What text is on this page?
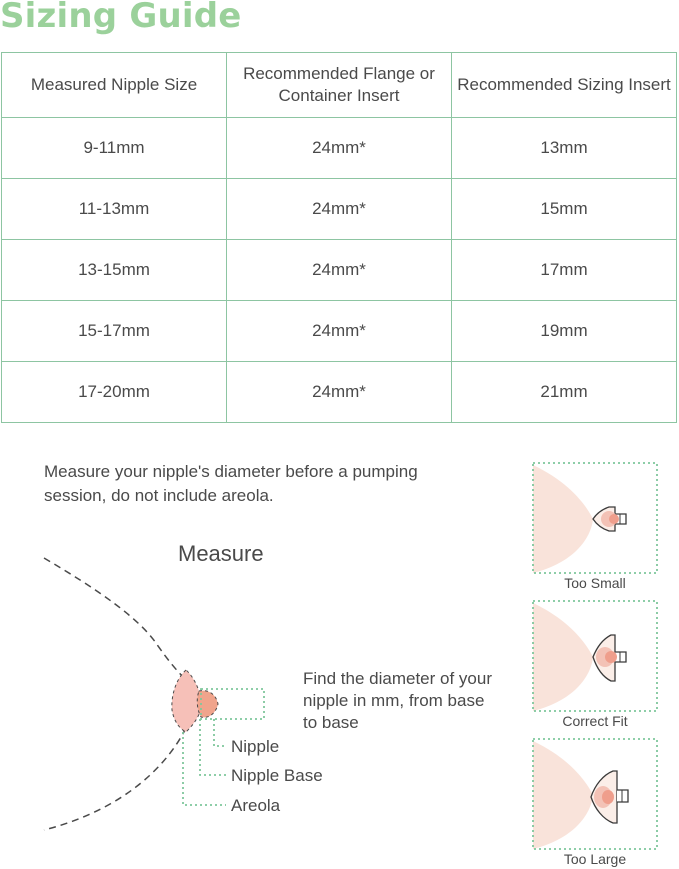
Sizing Guide
Measured Nipple Size	Recommended Flange or Container Insert	Recommended Sizing Insert
9-11mm	24mm*	13mm
11-13mm	24mm*	15mm
13-15mm	24mm*	17mm
15-17mm	24mm*	19mm
17-20mm	24mm*	21mm
Measure your nipple's diameter before a pumping session, do not include areola.
Measure
Find the diameter of your nipple in mm, from base to base
Nipple
Nipple Base
Areola
Too Small
Correct Fit
Too Large
